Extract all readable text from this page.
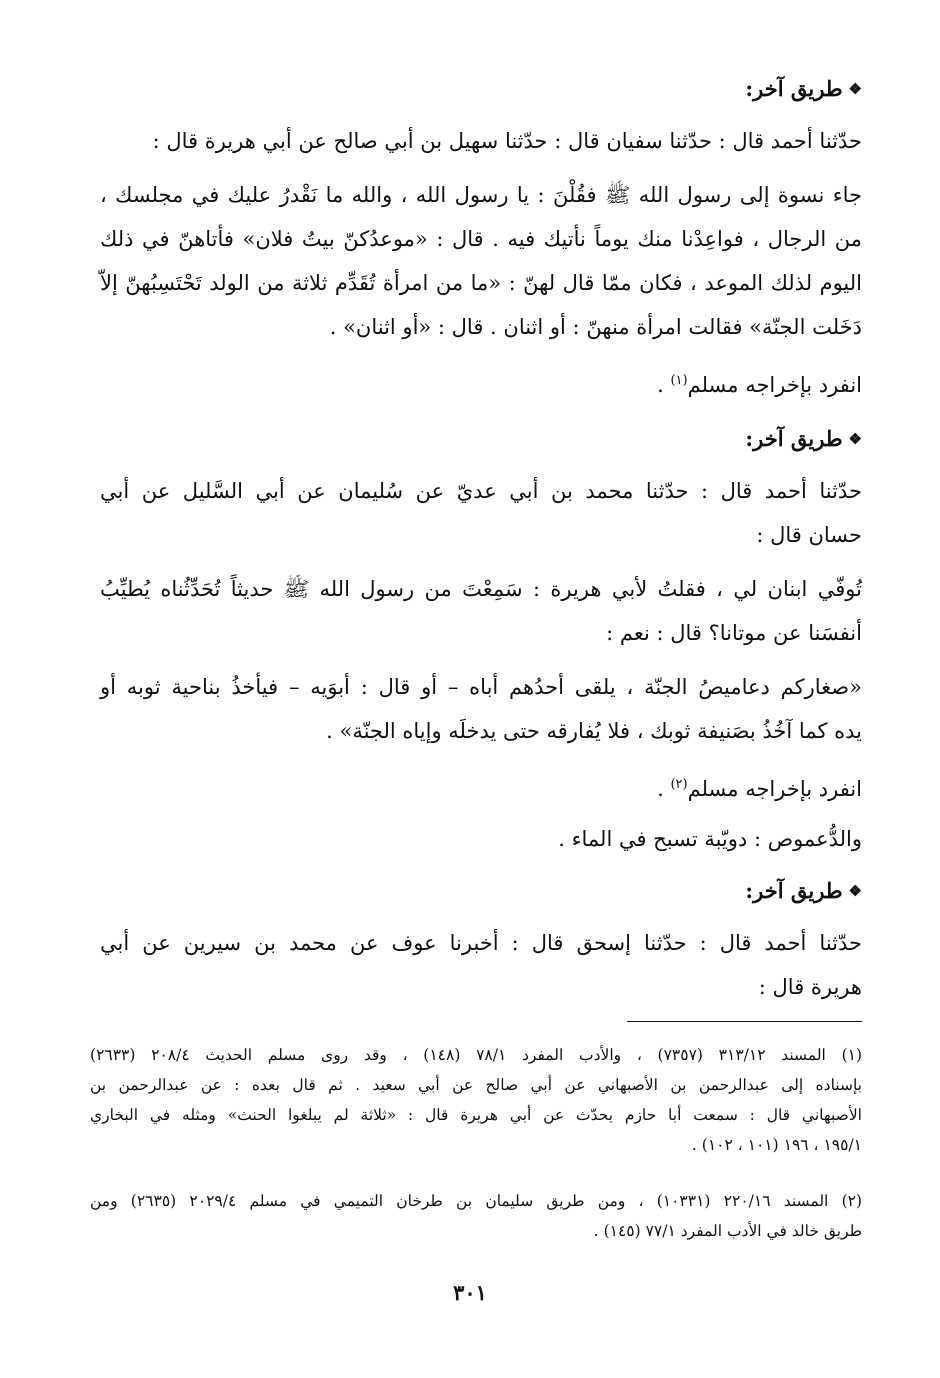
❖طريق آخر:
حدّثنا أحمد قال : حدّثنا سفيان قال : حدّثنا سهيل بن أبي صالح عن أبي هريرة قال :
جاء نسوة إلى رسول الله ﷺ فقُلْنَ : يا رسول الله ، والله ما نَقْدرُ عليك في مجلسك ،
من الرجال ، فواعِدْنا منك يوماً نأتيك فيه . قال : «موعدُكنّ بيتُ فلان» فأتاهنّ في ذلك
اليوم لذلك الموعد ، فكان ممّا قال لهنّ : «ما من امرأة تُقَدِّم ثلاثة من الولد تَحْتَسِبُهنّ إلاّ
دَخَلت الجنّة» فقالت امرأة منهنّ : أو اثنان . قال : «أو اثنان» .
انفرد بإخراجه مسلم$^{(١)}$ .
❖طريق آخر:
حدّثنا أحمد قال : حدّثنا محمد بن أبي عديّ عن سُليمان عن أبي السَّليل عن أبي
حسان قال :
تُوفّي ابنان لي ، فقلتُ لأبي هريرة : سَمِعْتَ من رسول الله ﷺ حديثاً تُحَدِّثُناه يُطيِّبُ
أنفسَنا عن موتانا؟ قال : نعم :
«صغاركم دعاميصُ الجنّة ، يلقى أحدُهم أباه – أو قال : أبوَيه – فيأخذُ بناحية ثوبه أو
يده كما آخُذُ بصَنيفة ثوبك ، فلا يُفارقه حتى يدخلَه وإياه الجنّة» .
انفرد بإخراجه مسلم$^{(٢)}$ .
والدُّعموص : دويّبة تسبح في الماء .
❖طريق آخر:
حدّثنا أحمد قال : حدّثنا إسحق قال : أخبرنا عوف عن محمد بن سيرين عن أبي
هريرة قال :
(١) المسند ٣١٣/١٢ (٧٣٥٧) ، والأدب المفرد ٧٨/١ (١٤٨) ، وقد روى مسلم الحديث ٢٠٨/٤ (٢٦٣٣)
بإسناده إلى عبدالرحمن بن الأصبهاني عن أبي صالح عن أبي سعيد . ثم قال بعده : عن عبدالرحمن بن
الأصبهاني قال : سمعت أبا حازم يحدّث عن أبي هريرة قال : «ثلاثة لم يبلغوا الحنث» ومثله في البخاري
١٩٥/١ ، ١٩٦ (١٠١ ، ١٠٢) .
(٢) المسند ٢٢٠/١٦ (١٠٣٣١) ، ومن طريق سليمان بن طرخان التميمي في مسلم ٢٠٢٩/٤ (٢٦٣٥) ومن
طريق خالد في الأدب المفرد ٧٧/١ (١٤٥) .
٣٠١
